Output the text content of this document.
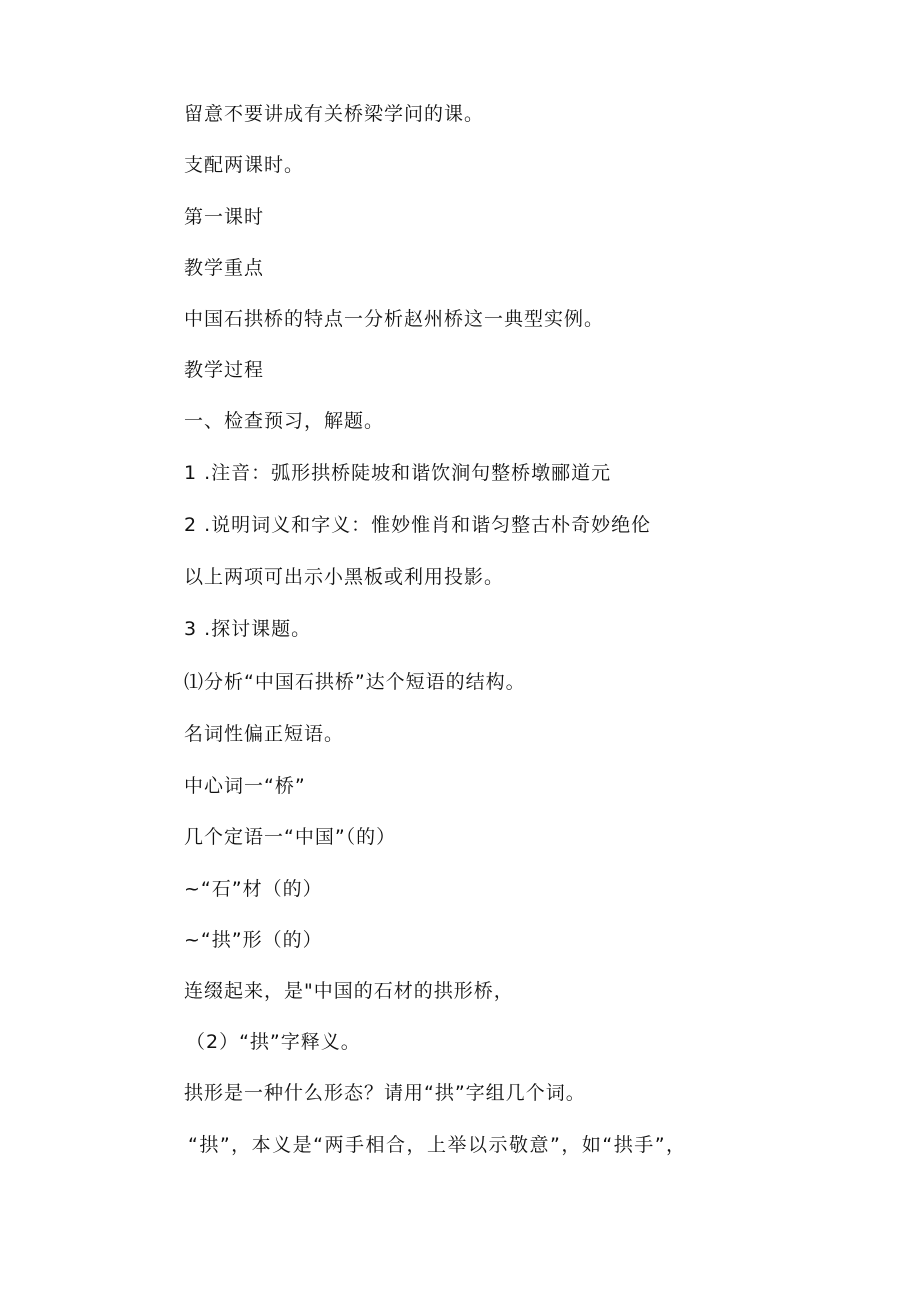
留意不要讲成有关桥梁学问的课。
支配两课时。
第一课时
教学重点
中国石拱桥的特点一分析赵州桥这一典型实例。
教学过程
一、检查预习，解题。
1 .注音：弧形拱桥陡坡和谐饮涧句整桥墩郦道元
2 .说明词义和字义：惟妙惟肖和谐匀整古朴奇妙绝伦
以上两项可出示小黑板或利用投影。
3 .探讨课题。
⑴分析“中国石拱桥”达个短语的结构。
名词性偏正短语。
中心词一“桥”
几个定语一“中国”（的）
~“石”材（的）
~“拱”形（的）
连缀起来，是"中国的石材的拱形桥，
（2）“拱”字释义。
拱形是一种什么形态？请用“拱”字组几个词。
“拱”，本义是“两手相合，上举以示敬意”，如“拱手”，
